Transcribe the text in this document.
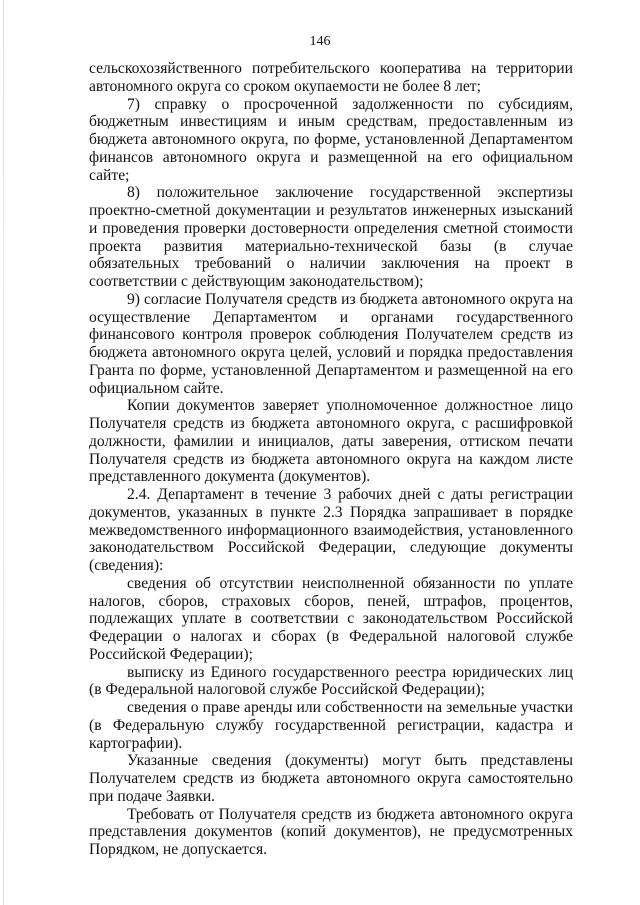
146

сельскохозяйственного потребительского кооператива на территории автономного округа со сроком окупаемости не более 8 лет;

7) справку о просроченной задолженности по субсидиям, бюджетным инвестициям и иным средствам, предоставленным из бюджета автономного округа, по форме, установленной Департаментом финансов автономного округа и размещенной на его официальном сайте;

8) положительное заключение государственной экспертизы проектно-сметной документации и результатов инженерных изысканий и проведения проверки достоверности определения сметной стоимости проекта развития материально-технической базы (в случае обязательных требований о наличии заключения на проект в соответствии с действующим законодательством);

9) согласие Получателя средств из бюджета автономного округа на осуществление Департаментом и органами государственного финансового контроля проверок соблюдения Получателем средств из бюджета автономного округа целей, условий и порядка предоставления Гранта по форме, установленной Департаментом и размещенной на его официальном сайте.

Копии документов заверяет уполномоченное должностное лицо Получателя средств из бюджета автономного округа, с расшифровкой должности, фамилии и инициалов, даты заверения, оттиском печати Получателя средств из бюджета автономного округа на каждом листе представленного документа (документов).

2.4. Департамент в течение 3 рабочих дней с даты регистрации документов, указанных в пункте 2.3 Порядка запрашивает в порядке межведомственного информационного взаимодействия, установленного законодательством Российской Федерации, следующие документы (сведения):

сведения об отсутствии неисполненной обязанности по уплате налогов, сборов, страховых сборов, пеней, штрафов, процентов, подлежащих уплате в соответствии с законодательством Российской Федерации о налогах и сборах (в Федеральной налоговой службе Российской Федерации);

выписку из Единого государственного реестра юридических лиц (в Федеральной налоговой службе Российской Федерации);

сведения о праве аренды или собственности на земельные участки (в Федеральную службу государственной регистрации, кадастра и картографии).

Указанные сведения (документы) могут быть представлены Получателем средств из бюджета автономного округа самостоятельно при подаче Заявки.

Требовать от Получателя средств из бюджета автономного округа представления документов (копий документов), не предусмотренных Порядком, не допускается.
